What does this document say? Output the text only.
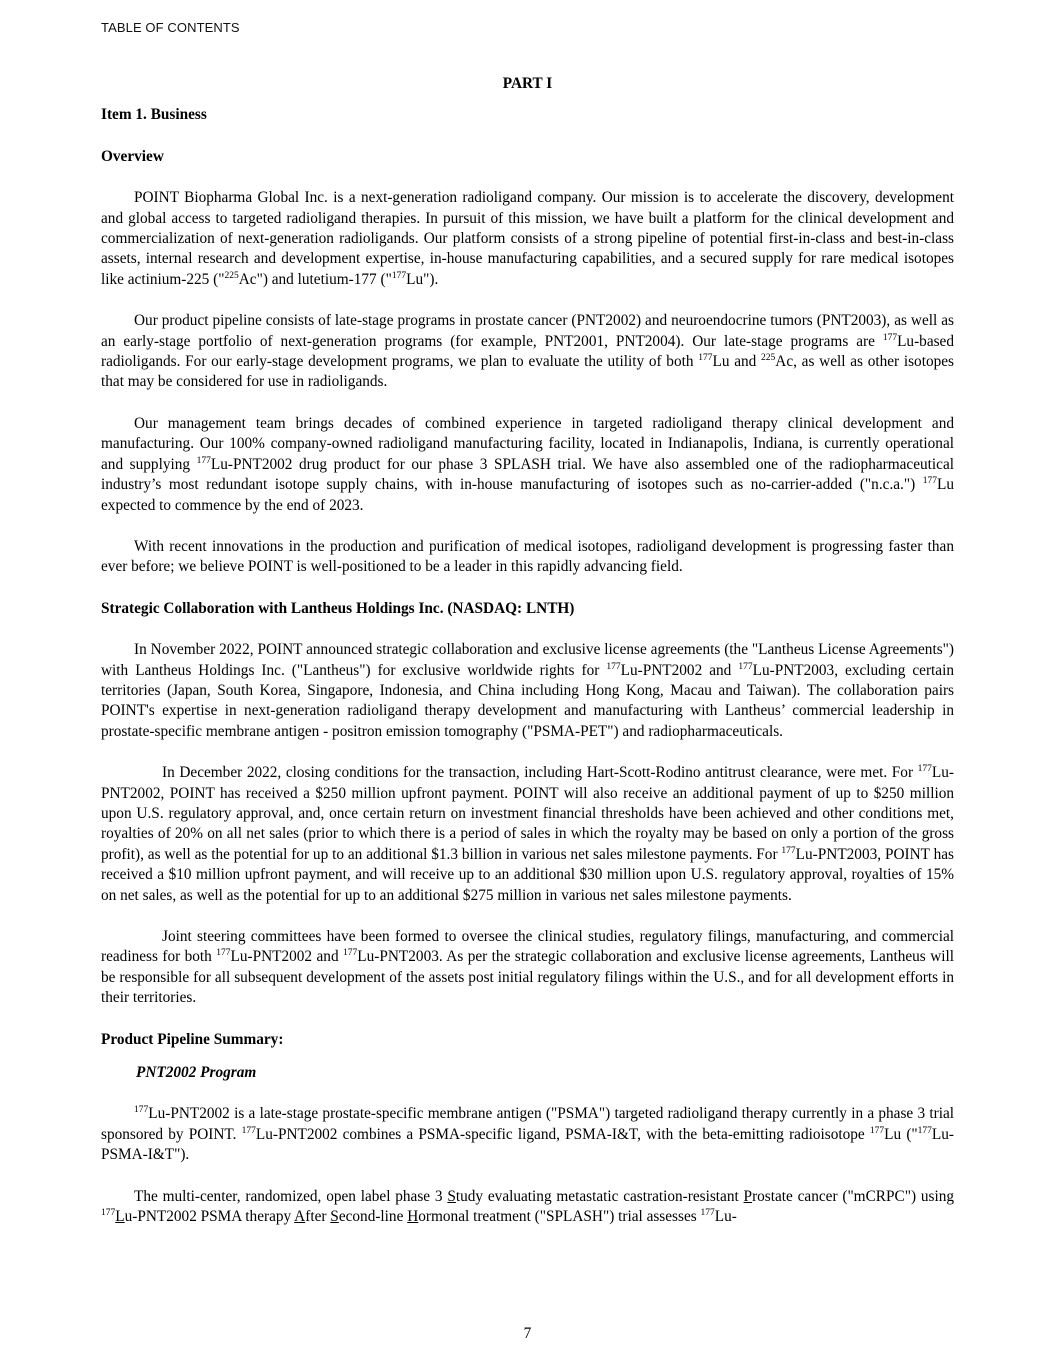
TABLE OF CONTENTS

PART I

Item 1. Business

Overview

POINT Biopharma Global Inc. is a next-generation radioligand company. Our mission is to accelerate the discovery, development and global access to targeted radioligand therapies. In pursuit of this mission, we have built a platform for the clinical development and commercialization of next-generation radioligands. Our platform consists of a strong pipeline of potential first-in-class and best-in-class assets, internal research and development expertise, in-house manufacturing capabilities, and a secured supply for rare medical isotopes like actinium-225 ("$^{225}$Ac") and lutetium-177 ("$^{177}$Lu").

Our product pipeline consists of late-stage programs in prostate cancer (PNT2002) and neuroendocrine tumors (PNT2003), as well as an early-stage portfolio of next-generation programs (for example, PNT2001, PNT2004). Our late-stage programs are $^{177}$Lu-based radioligands. For our early-stage development programs, we plan to evaluate the utility of both $^{177}$Lu and $^{225}$Ac, as well as other isotopes that may be considered for use in radioligands.

Our management team brings decades of combined experience in targeted radioligand therapy clinical development and manufacturing. Our 100% company-owned radioligand manufacturing facility, located in Indianapolis, Indiana, is currently operational and supplying $^{177}$Lu-PNT2002 drug product for our phase 3 SPLASH trial. We have also assembled one of the radiopharmaceutical industry’s most redundant isotope supply chains, with in-house manufacturing of isotopes such as no-carrier-added ("n.c.a.") $^{177}$Lu expected to commence by the end of 2023.

With recent innovations in the production and purification of medical isotopes, radioligand development is progressing faster than ever before; we believe POINT is well-positioned to be a leader in this rapidly advancing field.

Strategic Collaboration with Lantheus Holdings Inc. (NASDAQ: LNTH)

In November 2022, POINT announced strategic collaboration and exclusive license agreements (the "Lantheus License Agreements") with Lantheus Holdings Inc. ("Lantheus") for exclusive worldwide rights for $^{177}$Lu-PNT2002 and $^{177}$Lu-PNT2003, excluding certain territories (Japan, South Korea, Singapore, Indonesia, and China including Hong Kong, Macau and Taiwan). The collaboration pairs POINT's expertise in next-generation radioligand therapy development and manufacturing with Lantheus’ commercial leadership in prostate-specific membrane antigen - positron emission tomography ("PSMA-PET") and radiopharmaceuticals.

In December 2022, closing conditions for the transaction, including Hart-Scott-Rodino antitrust clearance, were met. For $^{177}$Lu-PNT2002, POINT has received a $250 million upfront payment. POINT will also receive an additional payment of up to $250 million upon U.S. regulatory approval, and, once certain return on investment financial thresholds have been achieved and other conditions met, royalties of 20% on all net sales (prior to which there is a period of sales in which the royalty may be based on only a portion of the gross profit), as well as the potential for up to an additional $1.3 billion in various net sales milestone payments. For $^{177}$Lu-PNT2003, POINT has received a $10 million upfront payment, and will receive up to an additional $30 million upon U.S. regulatory approval, royalties of 15% on net sales, as well as the potential for up to an additional $275 million in various net sales milestone payments.

Joint steering committees have been formed to oversee the clinical studies, regulatory filings, manufacturing, and commercial readiness for both $^{177}$Lu-PNT2002 and $^{177}$Lu-PNT2003. As per the strategic collaboration and exclusive license agreements, Lantheus will be responsible for all subsequent development of the assets post initial regulatory filings within the U.S., and for all development efforts in their territories.

Product Pipeline Summary:

PNT2002 Program

$^{177}$Lu-PNT2002 is a late-stage prostate-specific membrane antigen ("PSMA") targeted radioligand therapy currently in a phase 3 trial sponsored by POINT. $^{177}$Lu-PNT2002 combines a PSMA-specific ligand, PSMA-I&T, with the beta-emitting radioisotope $^{177}$Lu ("$^{177}$Lu-PSMA-I&T").

The multi-center, randomized, open label phase 3 Study evaluating metastatic castration-resistant Prostate cancer ("mCRPC") using $^{177}$Lu-PNT2002 PSMA therapy After Second-line Hormonal treatment ("SPLASH") trial assesses $^{177}$Lu-

7
